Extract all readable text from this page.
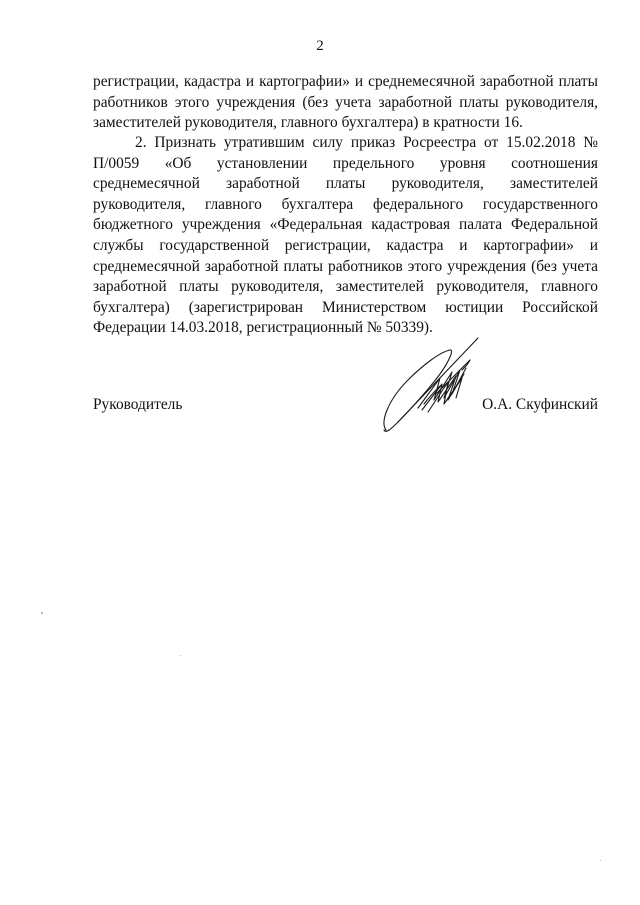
2

регистрации, кадастра и картографии» и среднемесячной заработной платы работников этого учреждения (без учета заработной платы руководителя, заместителей руководителя, главного бухгалтера) в кратности 16.

2. Признать утратившим силу приказ Росреестра от 15.02.2018 № П/0059 «Об установлении предельного уровня соотношения среднемесячной заработной платы руководителя, заместителей руководителя, главного бухгалтера федерального государственного бюджетного учреждения «Федеральная кадастровая палата Федеральной службы государственной регистрации, кадастра и картографии» и среднемесячной заработной платы работников этого учреждения (без учета заработной платы руководителя, заместителей руководителя, главного бухгалтера) (зарегистрирован Министерством юстиции Российской Федерации 14.03.2018, регистрационный № 50339).

Руководитель	О.А. Скуфинский
